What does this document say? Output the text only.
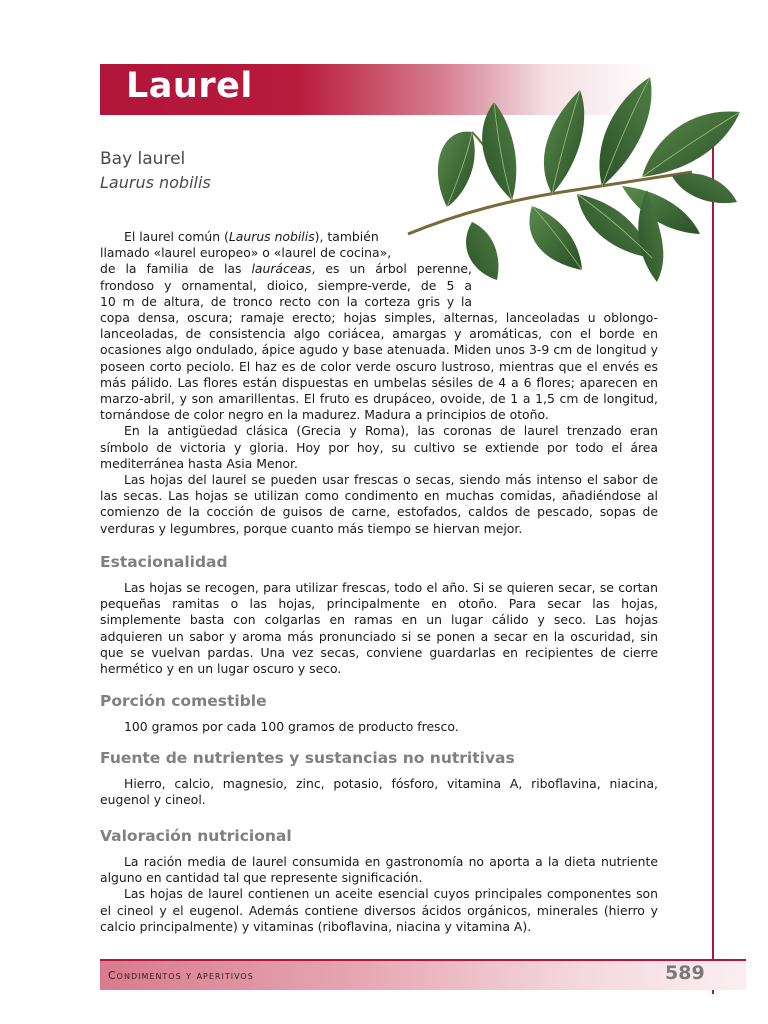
Laurel
Bay laurel
Laurus nobilis

El laurel común (Laurus nobilis), también

llamado «laurel europeo» o «laurel de cocina»,

de la familia de las lauráceas, es un árbol perenne,

frondoso y ornamental, dioico, siempre-verde, de 5 a

10 m de altura, de tronco recto con la corteza gris y la

copa densa, oscura; ramaje erecto; hojas simples, alternas, lanceoladas u oblongo-lanceoladas, de consistencia algo coriácea, amargas y aromáticas, con el borde en ocasiones algo ondulado, ápice agudo y base atenuada. Miden unos 3-9 cm de longitud y poseen corto peciolo. El haz es de color verde oscuro lustroso, mientras que el envés es más pálido. Las flores están dispuestas en umbelas sésiles de 4 a 6 flores; aparecen en marzo-abril, y son amarillentas. El fruto es drupáceo, ovoide, de 1 a 1,5 cm de longitud, tornándose de color negro en la madurez. Madura a principios de otoño.

En la antigüedad clásica (Grecia y Roma), las coronas de laurel trenzado eran símbolo de victoria y gloria. Hoy por hoy, su cultivo se extiende por todo el área mediterránea hasta Asia Menor.

Las hojas del laurel se pueden usar frescas o secas, siendo más intenso el sabor de las secas. Las hojas se utilizan como condimento en muchas comidas, añadiéndose al comienzo de la cocción de guisos de carne, estofados, caldos de pescado, sopas de verduras y legumbres, porque cuanto más tiempo se hiervan mejor.

Estacionalidad

Las hojas se recogen, para utilizar frescas, todo el año. Si se quieren secar, se cortan pequeñas ramitas o las hojas, principalmente en otoño. Para secar las hojas, simplemente basta con colgarlas en ramas en un lugar cálido y seco. Las hojas adquieren un sabor y aroma más pronunciado si se ponen a secar en la oscuridad, sin que se vuelvan pardas. Una vez secas, conviene guardarlas en recipientes de cierre hermético y en un lugar oscuro y seco.

Porción comestible

100 gramos por cada 100 gramos de producto fresco.

Fuente de nutrientes y sustancias no nutritivas

Hierro, calcio, magnesio, zinc, potasio, fósforo, vitamina A, riboflavina, niacina, eugenol y cineol.

Valoración nutricional

La ración media de laurel consumida en gastronomía no aporta a la dieta nutriente alguno en cantidad tal que represente significación.

Las hojas de laurel contienen un aceite esencial cuyos principales componentes son el cineol y el eugenol. Además contiene diversos ácidos orgánicos, minerales (hierro y calcio principalmente) y vitaminas (riboflavina, niacina y vitamina A).

Condimentos y aperitivos	589
